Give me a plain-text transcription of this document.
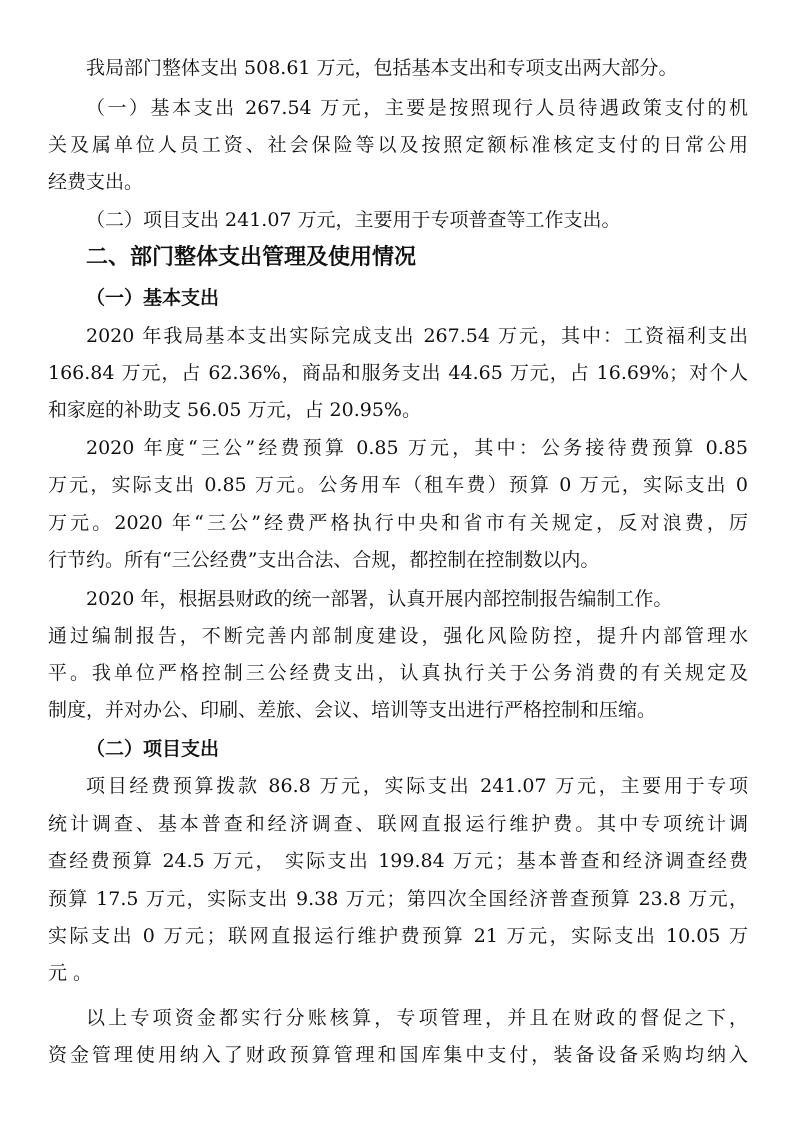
我局部门整体支出 508.61 万元，包括基本支出和专项支出两大部分。

（一）基本支出 267.54 万元，主要是按照现行人员待遇政策支付的机

关及属单位人员工资、社会保险等以及按照定额标准核定支付的日常公用

经费支出。

（二）项目支出 241.07 万元，主要用于专项普查等工作支出。

二、部门整体支出管理及使用情况

（一）基本支出

2020 年我局基本支出实际完成支出 267.54 万元，其中：工资福利支出

166.84 万元，占 62.36%，商品和服务支出 44.65 万元，占 16.69%；对个人

和家庭的补助支 56.05 万元，占 20.95%。

2020 年度“三公”经费预算 0.85 万元，其中：公务接待费预算 0.85

万元，实际支出 0.85 万元。公务用车（租车费）预算 0 万元，实际支出 0

万元。2020 年“三公”经费严格执行中央和省市有关规定，反对浪费，厉

行节约。所有“三公经费”支出合法、合规，都控制在控制数以内。

2020 年，根据县财政的统一部署，认真开展内部控制报告编制工作。

通过编制报告，不断完善内部制度建设，强化风险防控，提升内部管理水

平。我单位严格控制三公经费支出，认真执行关于公务消费的有关规定及

制度，并对办公、印刷、差旅、会议、培训等支出进行严格控制和压缩。

（二）项目支出

项目经费预算拨款 86.8 万元，实际支出 241.07 万元，主要用于专项

统计调查、基本普查和经济调查、联网直报运行维护费。其中专项统计调

查经费预算 24.5 万元， 实际支出 199.84 万元；基本普查和经济调查经费

预算 17.5 万元，实际支出 9.38 万元；第四次全国经济普查预算 23.8 万元，

实际支出 0 万元；联网直报运行维护费预算 21 万元，实际支出 10.05 万

元 。

以上专项资金都实行分账核算，专项管理，并且在财政的督促之下，

资金管理使用纳入了财政预算管理和国库集中支付，装备设备采购均纳入
